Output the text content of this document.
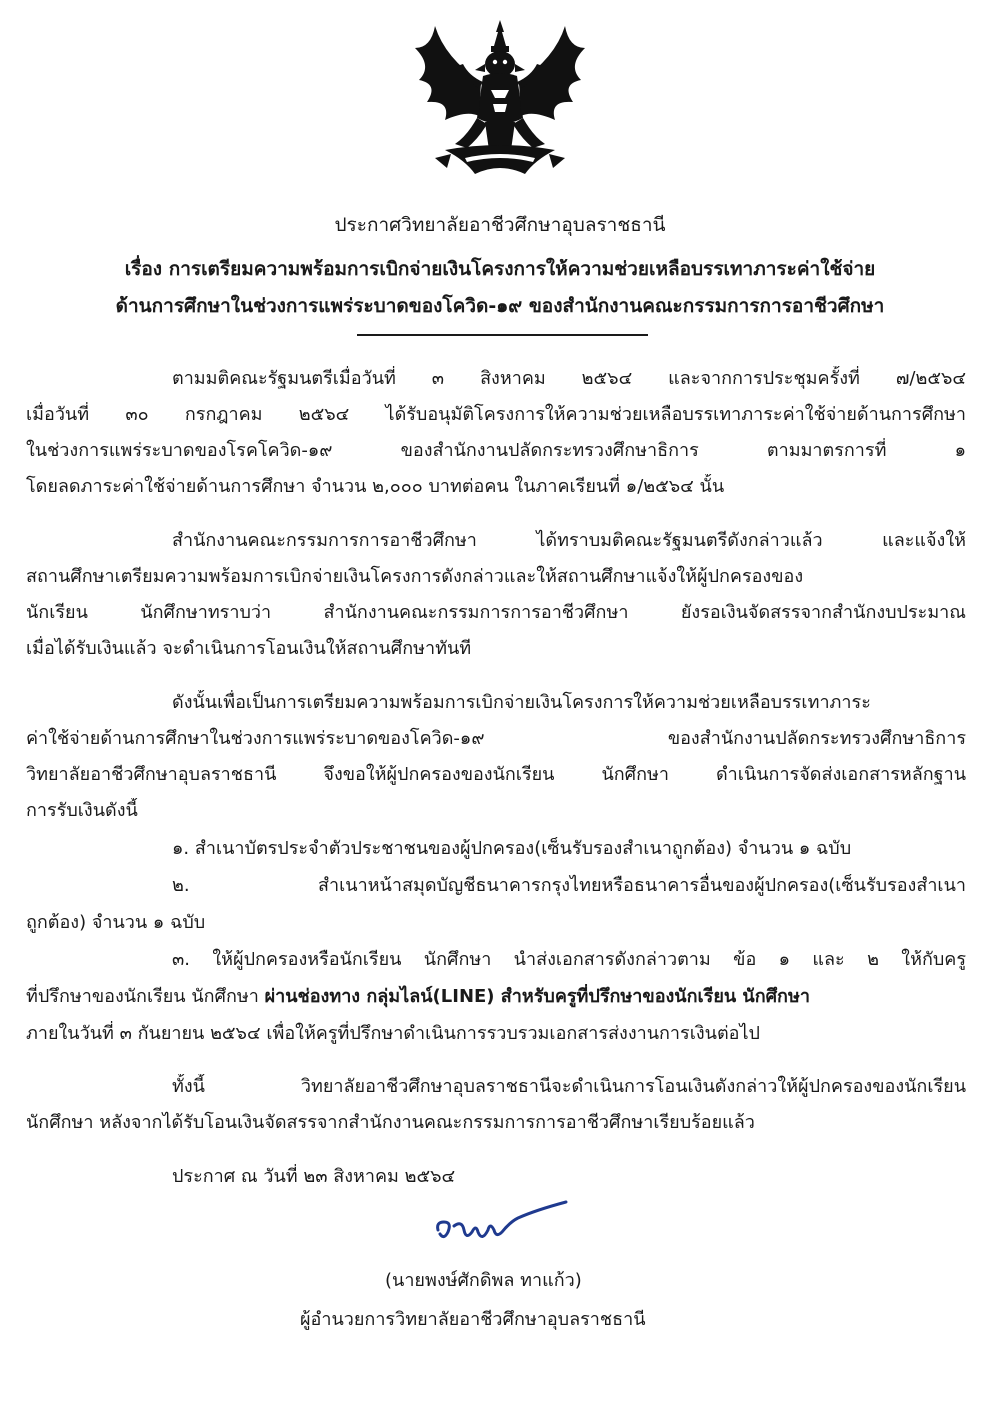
ประกาศวิทยาลัยอาชีวศึกษาอุบลราชธานี
เรื่อง การเตรียมความพร้อมการเบิกจ่ายเงินโครงการให้ความช่วยเหลือบรรเทาภาระค่าใช้จ่าย
ด้านการศึกษาในช่วงการแพร่ระบาดของโควิด-๑๙ ของสำนักงานคณะกรรมการการอาชีวศึกษา
ตามมติคณะรัฐมนตรีเมื่อวันที่ ๓ สิงหาคม ๒๕๖๔ และจากการประชุมครั้งที่ ๗/๒๕๖๔
เมื่อวันที่ ๓๐ กรกฎาคม ๒๕๖๔ ได้รับอนุมัติโครงการให้ความช่วยเหลือบรรเทาภาระค่าใช้จ่ายด้านการศึกษา
ในช่วงการแพร่ระบาดของโรคโควิด-๑๙ ของสำนักงานปลัดกระทรวงศึกษาธิการ ตามมาตรการที่ ๑
โดยลดภาระค่าใช้จ่ายด้านการศึกษา จำนวน ๒,๐๐๐ บาทต่อคน ในภาคเรียนที่ ๑/๒๕๖๔ นั้น
สำนักงานคณะกรรมการการอาชีวศึกษา ได้ทราบมติคณะรัฐมนตรีดังกล่าวแล้ว และแจ้งให้
สถานศึกษาเตรียมความพร้อมการเบิกจ่ายเงินโครงการดังกล่าวและให้สถานศึกษาแจ้งให้ผู้ปกครองของ
นักเรียน นักศึกษาทราบว่า สำนักงานคณะกรรมการการอาชีวศึกษา ยังรอเงินจัดสรรจากสำนักงบประมาณ
เมื่อได้รับเงินแล้ว จะดำเนินการโอนเงินให้สถานศึกษาทันที
ดังนั้นเพื่อเป็นการเตรียมความพร้อมการเบิกจ่ายเงินโครงการให้ความช่วยเหลือบรรเทาภาระ
ค่าใช้จ่ายด้านการศึกษาในช่วงการแพร่ระบาดของโควิด-๑๙ ของสำนักงานปลัดกระทรวงศึกษาธิการ
วิทยาลัยอาชีวศึกษาอุบลราชธานี จึงขอให้ผู้ปกครองของนักเรียน นักศึกษา ดำเนินการจัดส่งเอกสารหลักฐาน
การรับเงินดังนี้
๑. สำเนาบัตรประจำตัวประชาชนของผู้ปกครอง(เซ็นรับรองสำเนาถูกต้อง) จำนวน ๑ ฉบับ
๒. สำเนาหน้าสมุดบัญชีธนาคารกรุงไทยหรือธนาคารอื่นของผู้ปกครอง(เซ็นรับรองสำเนา
ถูกต้อง) จำนวน ๑ ฉบับ
๓. ให้ผู้ปกครองหรือนักเรียน นักศึกษา นำส่งเอกสารดังกล่าวตาม ข้อ ๑ และ ๒ ให้กับครู
ที่ปรึกษาของนักเรียน นักศึกษา ผ่านช่องทาง กลุ่มไลน์(LINE) สำหรับครูที่ปรึกษาของนักเรียน นักศึกษา
ภายในวันที่ ๓ กันยายน ๒๕๖๔ เพื่อให้ครูที่ปรึกษาดำเนินการรวบรวมเอกสารส่งงานการเงินต่อไป
ทั้งนี้ วิทยาลัยอาชีวศึกษาอุบลราชธานีจะดำเนินการโอนเงินดังกล่าวให้ผู้ปกครองของนักเรียน
นักศึกษา หลังจากได้รับโอนเงินจัดสรรจากสำนักงานคณะกรรมการการอาชีวศึกษาเรียบร้อยแล้ว
ประกาศ ณ วันที่ ๒๓ สิงหาคม ๒๕๖๔
(นายพงษ์ศักดิพล ทาแก้ว)
ผู้อำนวยการวิทยาลัยอาชีวศึกษาอุบลราชธานี
